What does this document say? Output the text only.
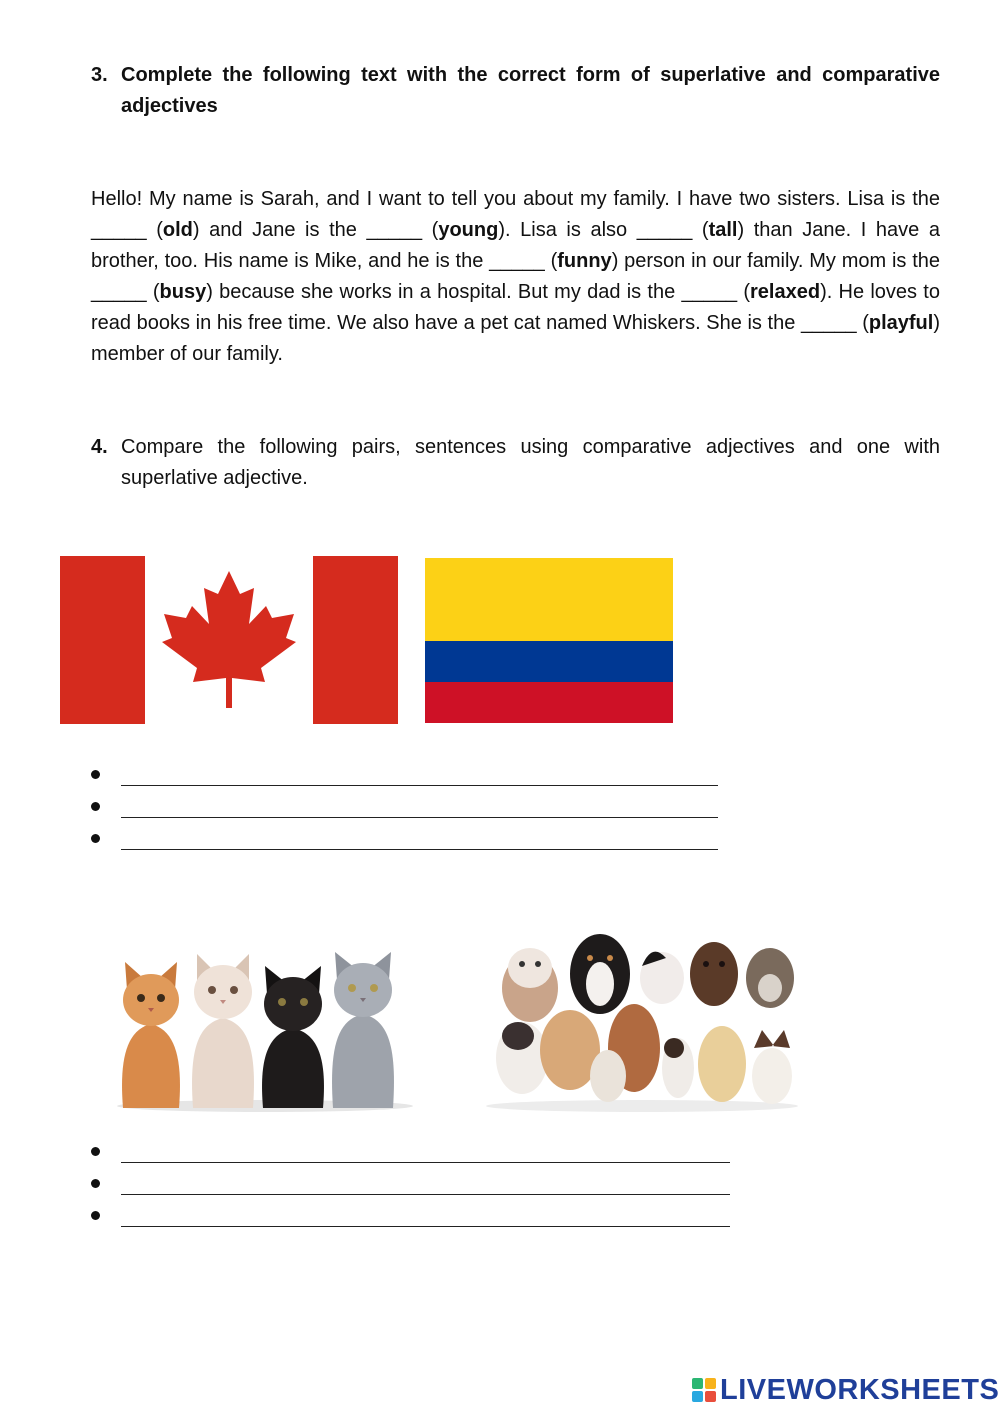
3. Complete the following text with the correct form of superlative and comparative adjectives

Hello! My name is Sarah, and I want to tell you about my family. I have two sisters. Lisa is the _____ (old) and Jane is the _____ (young). Lisa is also _____ (tall) than Jane. I have a brother, too. His name is Mike, and he is the _____ (funny) person in our family. My mom is the _____ (busy) because she works in a hospital. But my dad is the _____ (relaxed). He loves to read books in his free time. We also have a pet cat named Whiskers. She is the _____ (playful) member of our family.

4. Compare the following pairs, sentences using comparative adjectives and one with superlative adjective.
LIVEWORKSHEETS
